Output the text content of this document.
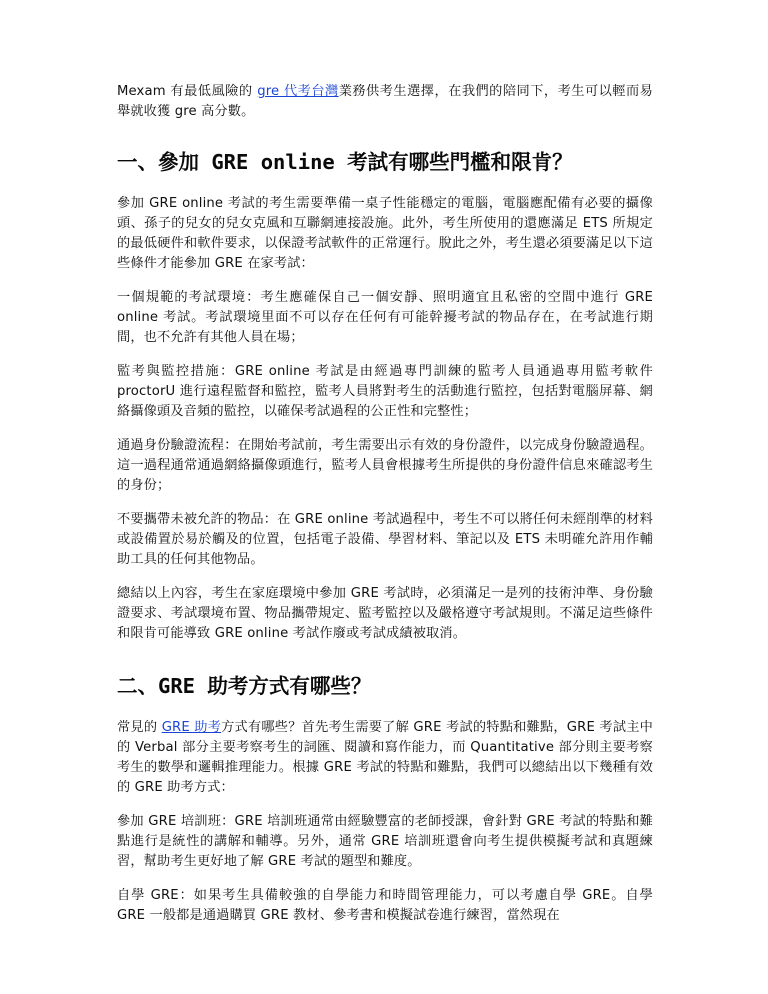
Mexam 有最低風險的 gre 代考台灣業務供考生選擇，在我們的陪同下，考生可以輕而易舉就收獲 gre 高分數。

一、參加 GRE online 考試有哪些門檻和限肯？

參加 GRE online 考試的考生需要準備一桌子性能穩定的電腦，電腦應配備有必要的攝像頭、孫子的兒女的兒女克風和互聯網連接設施。此外，考生所使用的還應滿足 ETS 所規定的最低硬件和軟件要求，以保證考試軟件的正常運行。脫此之外，考生還必須要滿足以下這些條件才能參加 GRE 在家考試：

一個規範的考試環境：考生應確保自己一個安靜、照明適宜且私密的空間中進行 GRE online 考試。考試環境里面不可以存在任何有可能幹擾考試的物品存在，在考試進行期間，也不允許有其他人員在場；

監考與監控措施：GRE online 考試是由經過專門訓練的監考人員通過專用監考軟件 proctorU 進行遠程監督和監控，監考人員將對考生的活動進行監控，包括對電腦屏幕、網絡攝像頭及音頻的監控，以確保考試過程的公正性和完整性；

通過身份驗證流程：在開始考試前，考生需要出示有效的身份證件，以完成身份驗證過程。這一過程通常通過網絡攝像頭進行，監考人員會根據考生所提供的身份證件信息來確認考生的身份；

不要攜帶未被允許的物品：在 GRE online 考試過程中，考生不可以將任何未經削準的材料或設備置於易於觸及的位置，包括電子設備、學習材料、筆記以及 ETS 未明確允許用作輔助工具的任何其他物品。

總結以上內容，考生在家庭環境中參加 GRE 考試時，必須滿足一是列的技術沖準、身份驗證要求、考試環境布置、物品攜帶規定、監考監控以及嚴格遵守考試規則。不滿足這些條件和限肯可能導致 GRE online 考試作廢或考試成績被取消。

二、GRE 助考方式有哪些？

常見的 GRE 助考方式有哪些？首先考生需要了解 GRE 考試的特點和難點，GRE 考試主中的 Verbal 部分主要考察考生的詞匯、閱讀和寫作能力，而 Quantitative 部分則主要考察考生的數學和邏輯推理能力。根據 GRE 考試的特點和難點，我們可以總結出以下幾種有效的 GRE 助考方式：

參加 GRE 培訓班：GRE 培訓班通常由經驗豐富的老師授課，會針對 GRE 考試的特點和難點進行是統性的講解和輔導。另外，通常 GRE 培訓班還會向考生提供模擬考試和真題練習，幫助考生更好地了解 GRE 考試的題型和難度。

自學 GRE：如果考生具備較強的自學能力和時間管理能力，可以考慮自學 GRE。自學 GRE 一般都是通過購買 GRE 教材、參考書和模擬試卷進行練習，當然現在
